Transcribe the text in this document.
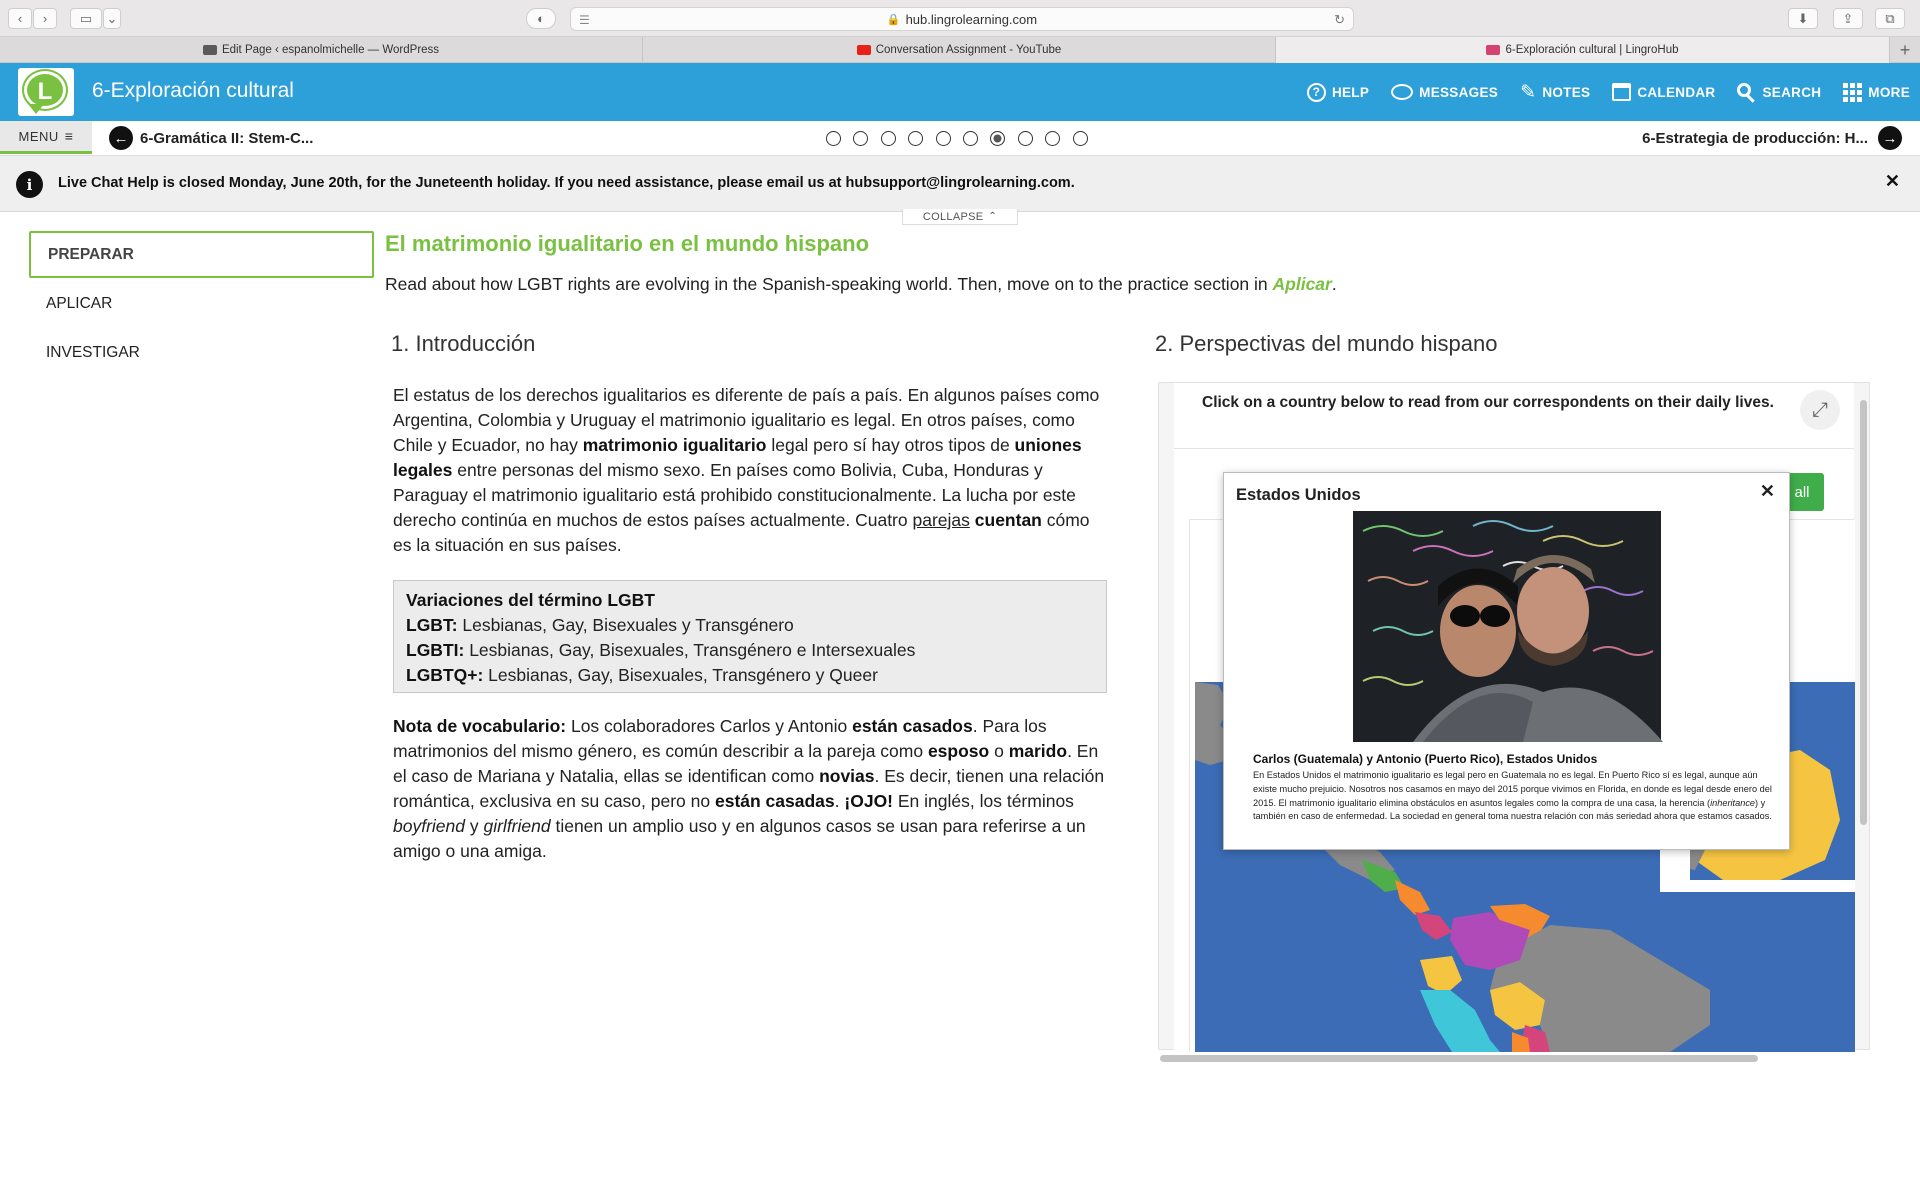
‹	›	▭	⌄	◐	☰	🔒 hub.lingrolearning.com	↻	⬇	⇪	⧉
Edit Page ‹ espanolmichelle — WordPress	Conversation Assignment - YouTube	6-Exploración cultural | LingroHub	+
L	6-Exploración cultural	? HELP	MESSAGES ✎ NOTES	CALENDAR	SEARCH	MORE
MENU ≡	← 6-Gramática II: Stem-C...	6-Estrategia de producción: H... →
i	Live Chat Help is closed Monday, June 20th, for the Juneteenth holiday. If you need assistance, please email us at hubsupport@lingrolearning.com.	✕
COLLAPSE ⌃
PREPARAR
APLICAR
INVESTIGAR
El matrimonio igualitario en el mundo hispano
Read about how LGBT rights are evolving in the Spanish-speaking world. Then, move on to the practice section in Aplicar.
1. Introducción
El estatus de los derechos igualitarios es diferente de país a país. En algunos países como Argentina, Colombia y Uruguay el matrimonio igualitario es legal. En otros países, como Chile y Ecuador, no hay matrimonio igualitario legal pero sí hay otros tipos de uniones legales entre personas del mismo sexo. En países como Bolivia, Cuba, Honduras y Paraguay el matrimonio igualitario está prohibido constitucionalmente. La lucha por este derecho continúa en muchos de estos países actualmente. Cuatro parejas cuentan cómo es la situación en sus países.
Variaciones del término LGBT
LGBT: Lesbianas, Gay, Bisexuales y Transgénero
LGBTI: Lesbianas, Gay, Bisexuales, Transgénero e Intersexuales
LGBTQ+: Lesbianas, Gay, Bisexuales, Transgénero y Queer
Nota de vocabulario: Los colaboradores Carlos y Antonio están casados. Para los matrimonios del mismo género, es común describir a la pareja como esposo o marido. En el caso de Mariana y Natalia, ellas se identifican como novias. Es decir, tienen una relación romántica, exclusiva en su caso, pero no están casadas. ¡OJO! En inglés, los términos boyfriend y girlfriend tienen un amplio uso y en algunos casos se usan para referirse a un amigo o una amiga.
2. Perspectivas del mundo hispano
Click on a country below to read from our correspondents on their daily lives.	⤢
Océano Pacífico
all
Estados Unidos	✕
Carlos (Guatemala) y Antonio (Puerto Rico), Estados Unidos
En Estados Unidos el matrimonio igualitario es legal pero en Guatemala no es legal. En Puerto Rico sí es legal, aunque aún existe mucho prejuicio. Nosotros nos casamos en mayo del 2015 porque vivimos en Florida, en donde es legal desde enero del 2015. El matrimonio igualitario elimina obstáculos en asuntos legales como la compra de una casa, la herencia (inheritance) y también en caso de enfermedad. La sociedad en general toma nuestra relación con más seriedad ahora que estamos casados.
